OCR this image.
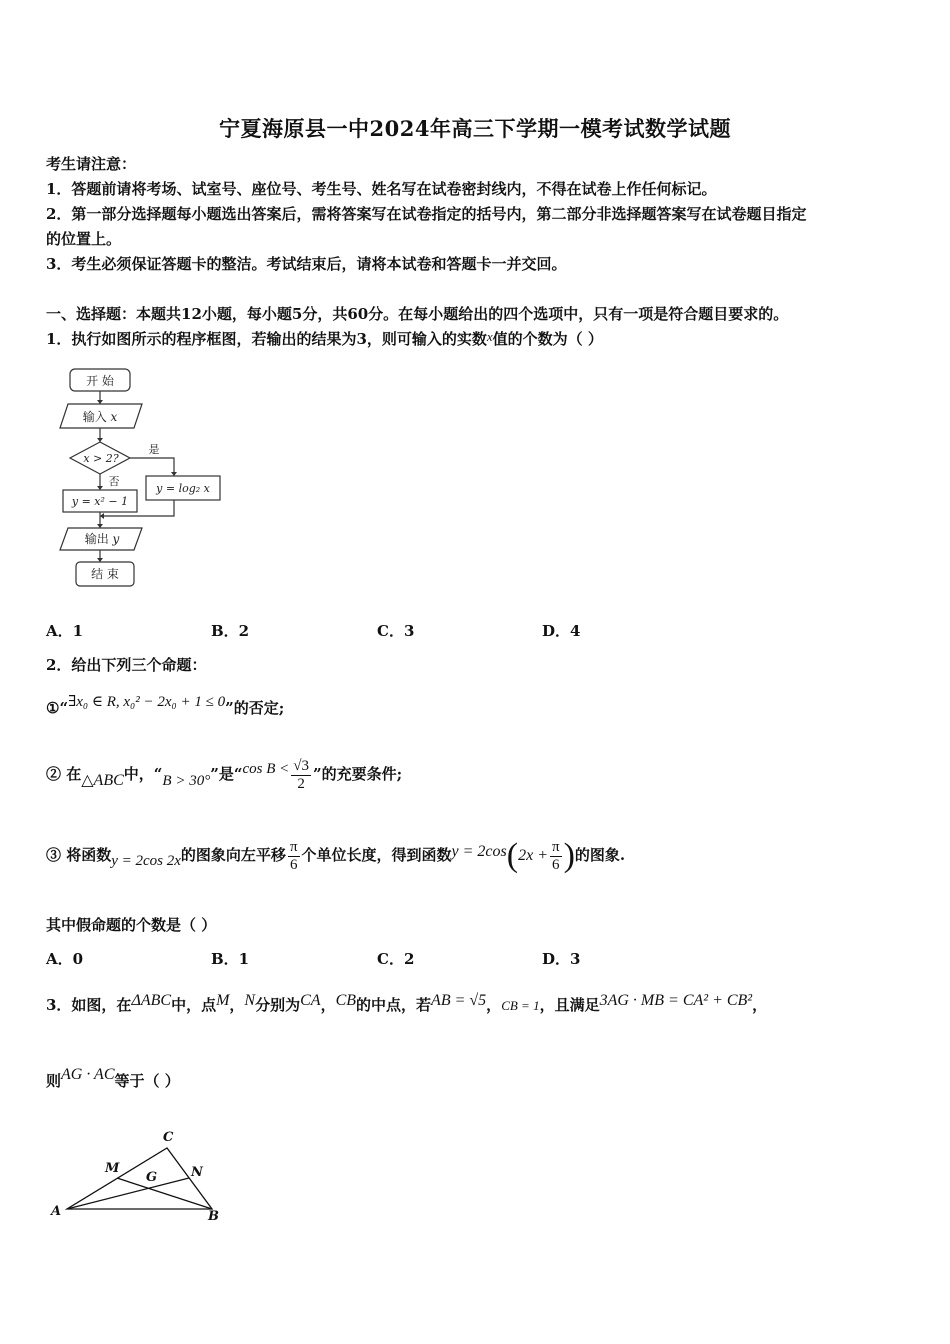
宁夏海原县一中2024年高三下学期一模考试数学试题
考生请注意：
1．答题前请将考场、试室号、座位号、考生号、姓名写在试卷密封线内，不得在试卷上作任何标记。
2．第一部分选择题每小题选出答案后，需将答案写在试卷指定的括号内，第二部分非选择题答案写在试卷题目指定
的位置上。
3．考生必须保证答题卡的整洁。考试结束后，请将本试卷和答题卡一并交回。
一、选择题：本题共12小题，每小题5分，共60分。在每小题给出的四个选项中，只有一项是符合题目要求的。
1．执行如图所示的程序框图，若输出的结果为3，则可输入的实数x值的个数为（ ）
开 始
输入 x
x > 2?
是
否
y = x² − 1
y = log₂ x
输出 y
结 束
A．1	B．2	C．3	D．4
2．给出下列三个命题：
①“∃x₀ ∈ R, x₀² − 2x₀ + 1 ≤ 0”的否定;
② 在△ABC中，“B > 30°”是“cos $B < \frac{√3}{2}$ ”的充要条件;
③ 将函数y = 2cos 2x的图象向左平移 $\frac{\pi}{6}$ 个单位长度，得到函数$y = 2\cos(2x + \frac{\pi}{6}$ )的图象.
其中假命题的个数是（ ）
A．0	B．1	C．2	D．3
3．如图，在ΔABC中，点M，N分别为CA，CB的中点，若AB = √5，CB = 1，且满足3AG · MB = CA² + CB²，
则AG · AC等于（ ）
A	B
C
M	N
G
